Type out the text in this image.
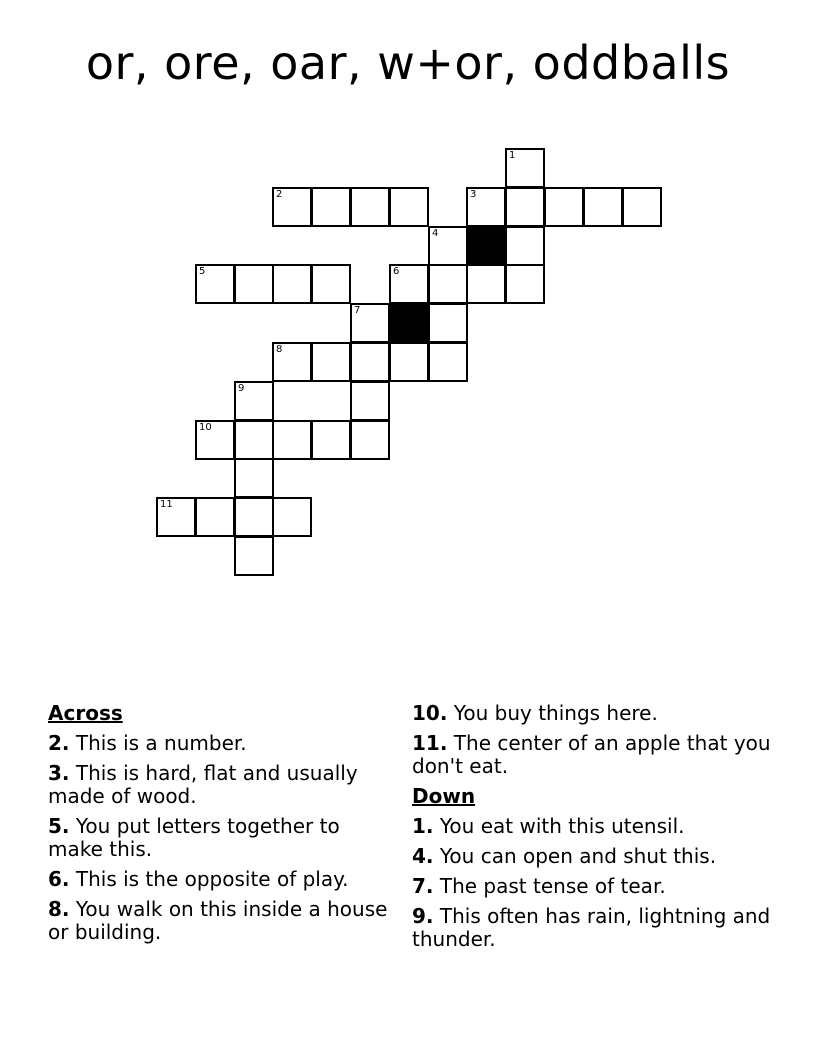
or, ore, oar, w+or, oddballs
1
2	3
4
5	6
7
8
9
10
11
Across
2. This is a number.
3. This is hard, flat and usually made of wood.
5. You put letters together to make this.
6. This is the opposite of play.
8. You walk on this inside a house or building.
10. You buy things here.
11. The center of an apple that you don't eat.
Down
1. You eat with this utensil.
4. You can open and shut this.
7. The past tense of tear.
9. This often has rain, lightning and thunder.
